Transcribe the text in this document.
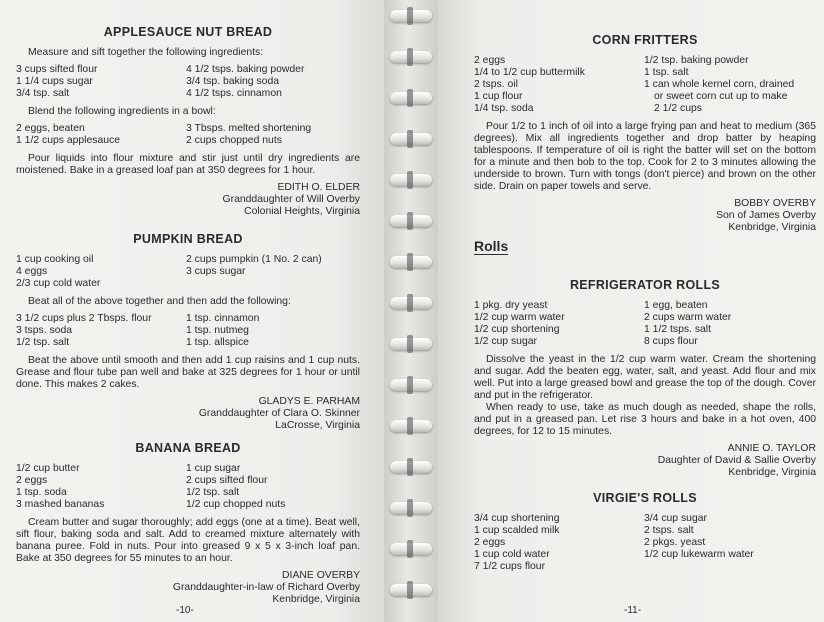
APPLESAUCE NUT BREAD

Measure and sift together the following ingredients:

3 cups sifted flour
1 1/4 cups sugar
3/4 tsp. salt
4 1/2 tsps. baking powder
3/4 tsp. baking soda
4 1/2 tsps. cinnamon

Blend the following ingredients in a bowl:

2 eggs, beaten
1 1/2 cups applesauce
3 Tbsps. melted shortening
2 cups chopped nuts

Pour liquids into flour mixture and stir just until dry ingredients are moistened. Bake in a greased loaf pan at 350 degrees for 1 hour.

EDITH O. ELDER
Granddaughter of Will Overby
Colonial Heights, Virginia
PUMPKIN BREAD
1 cup cooking oil
4 eggs
2/3 cup cold water
2 cups pumpkin (1 No. 2 can)
3 cups sugar

Beat all of the above together and then add the following:

3 1/2 cups plus 2 Tbsps. flour
3 tsps. soda
1/2 tsp. salt
1 tsp. cinnamon
1 tsp. nutmeg
1 tsp. allspice

Beat the above until smooth and then add 1 cup raisins and 1 cup nuts. Grease and flour tube pan well and bake at 325 degrees for 1 hour or until done. This makes 2 cakes.

GLADYS E. PARHAM
Granddaughter of Clara O. Skinner
LaCrosse, Virginia
BANANA BREAD
1/2 cup butter
2 eggs
1 tsp. soda
3 mashed bananas
1 cup sugar
2 cups sifted flour
1/2 tsp. salt
1/2 cup chopped nuts

Cream butter and sugar thoroughly; add eggs (one at a time). Beat well, sift flour, baking soda and salt. Add to creamed mixture alternately with banana puree. Fold in nuts. Pour into greased 9 x 5 x 3-inch loaf pan. Bake at 350 degrees for 55 minutes to an hour.

DIANE OVERBY
Granddaughter-in-law of Richard Overby
Kenbridge, Virginia
-10-
CORN FRITTERS
2 eggs
1/4 to 1/2 cup buttermilk
2 tsps. oil
1 cup flour
1/4 tsp. soda
1/2 tsp. baking powder
1 tsp. salt
1 can whole kernel corn, drained
or sweet corn cut up to make
2 1/2 cups

Pour 1/2 to 1 inch of oil into a large frying pan and heat to medium (365 degrees). Mix all ingredients together and drop batter by heaping tablespoons. If temperature of oil is right the batter will set on the bottom for a minute and then bob to the top. Cook for 2 to 3 minutes allowing the underside to brown. Turn with tongs (don't pierce) and brown on the other side. Drain on paper towels and serve.

BOBBY OVERBY
Son of James Overby
Kenbridge, Virginia
Rolls
REFRIGERATOR ROLLS
1 pkg. dry yeast
1/2 cup warm water
1/2 cup shortening
1/2 cup sugar
1 egg, beaten
2 cups warm water
1 1/2 tsps. salt
8 cups flour

Dissolve the yeast in the 1/2 cup warm water. Cream the shortening and sugar. Add the beaten egg, water, salt, and yeast. Add flour and mix well. Put into a large greased bowl and grease the top of the dough. Cover and put in the refrigerator.

When ready to use, take as much dough as needed, shape the rolls, and put in a greased pan. Let rise 3 hours and bake in a hot oven, 400 degrees, for 12 to 15 minutes.

ANNIE O. TAYLOR
Daughter of David & Sallie Overby
Kenbridge, Virginia
VIRGIE'S ROLLS
3/4 cup shortening
1 cup scalded milk
2 eggs
1 cup cold water
7 1/2 cups flour
3/4 cup sugar
2 tsps. salt
2 pkgs. yeast
1/2 cup lukewarm water
-11-
